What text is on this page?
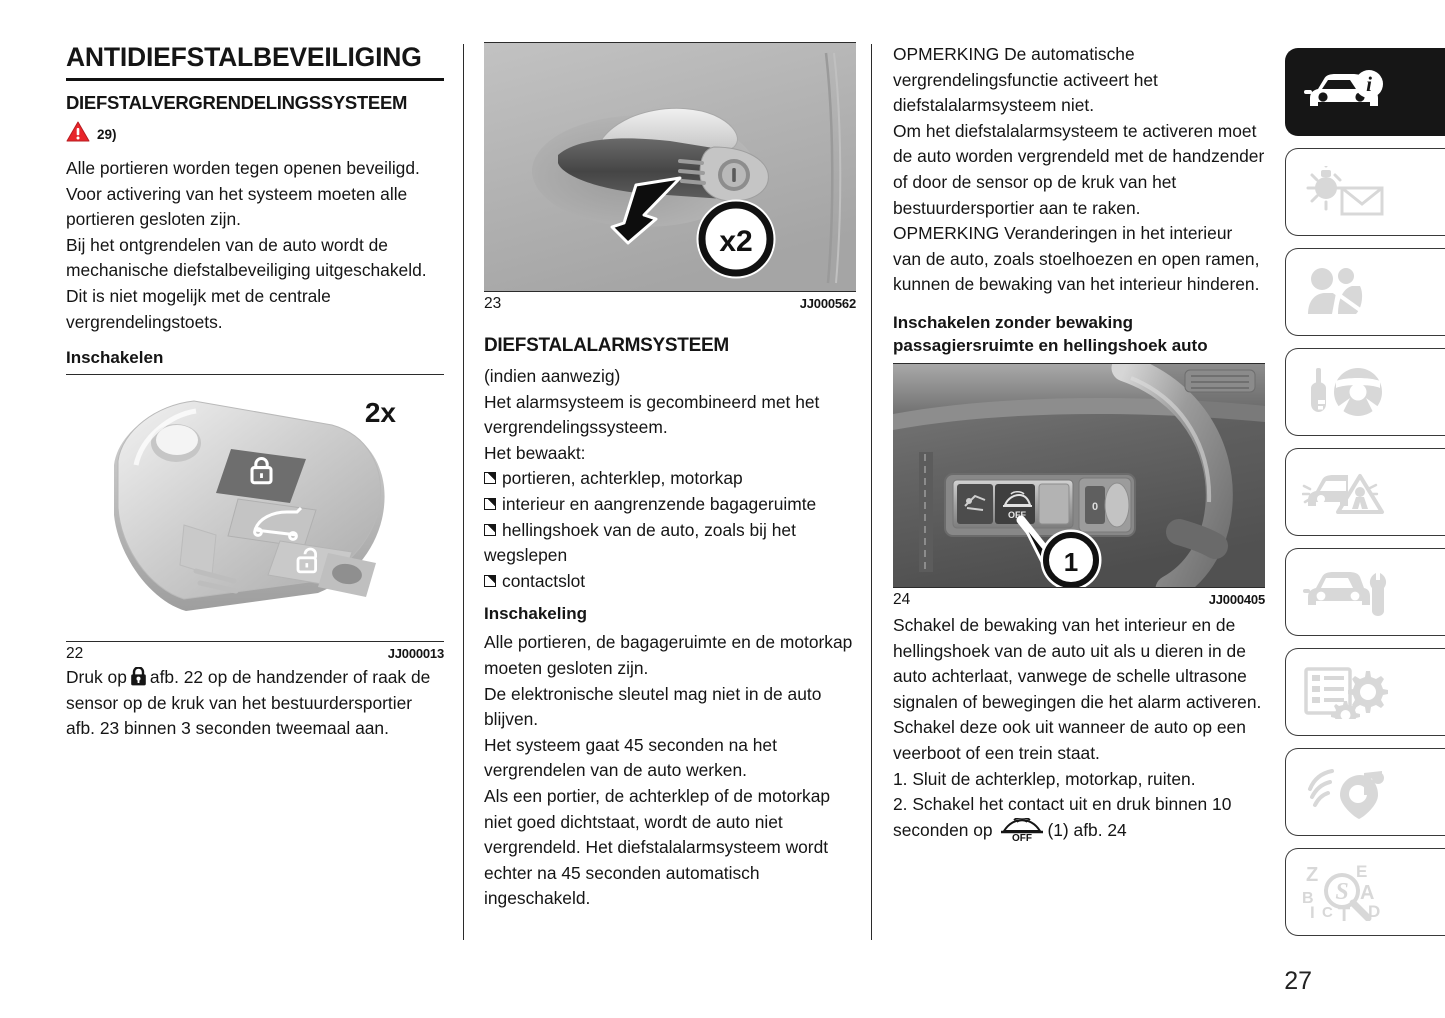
ANTIDIEFSTALBEVEILIGING
DIEFSTALVERGRENDELINGSSYSTEEM
29)

Alle portieren worden tegen openen beveiligd. Voor activering van het systeem moeten alle portieren gesloten zijn.

Bij het ontgrendelen van de auto wordt de mechanische diefstalbeveiliging uitgeschakeld.

Dit is niet mogelijk met de centrale vergrendelingstoets.

Inschakelen
2x
22	JJ000013

Druk op afb. 22 op de handzender of raak de sensor op de kruk van het bestuurdersportier afb. 23 binnen 3 seconden tweemaal aan.

x2
23	JJ000562
DIEFSTALALARMSYSTEEM

(indien aanwezig)

Het alarmsysteem is gecombineerd met het vergrendelingssysteem.

Het bewaakt:

portieren, achterklep, motorkap
interieur en aangrenzende bagageruimte
hellingshoek van de auto, zoals bij het wegslepen
contactslot
Inschakeling

Alle portieren, de bagageruimte en de motorkap moeten gesloten zijn.

De elektronische sleutel mag niet in de auto blijven.

Het systeem gaat 45 seconden na het vergrendelen van de auto werken.

Als een portier, de achterklep of de motorkap niet goed dichtstaat, wordt de auto niet vergrendeld. Het diefstalalarmsysteem wordt echter na 45 seconden automatisch ingeschakeld.

OPMERKING De automatische vergrendelingsfunctie activeert het diefstalalarmsysteem niet.

Om het diefstalalarmsysteem te activeren moet de auto worden vergrendeld met de handzender of door de sensor op de kruk van het bestuurdersportier aan te raken.

OPMERKING Veranderingen in het interieur van de auto, zoals stoelhoezen en open ramen, kunnen de bewaking van het interieur hinderen.

Inschakelen zonder bewaking passagiersruimte en hellingshoek auto
OFF
0
1
24	JJ000405

Schakel de bewaking van het interieur en de hellingshoek van de auto uit als u dieren in de auto achterlaat, vanwege de schelle ultrasone signalen of bewegingen die het alarm activeren.

Schakel deze ook uit wanneer de auto op een veerboot of een trein staat.

1. Sluit de achterklep, motorkap, ruiten.

2. Schakel het contact uit en druk binnen 10 seconden op OFF (1) afb. 24

i
Z
B
I C T
E
A
D
S
27
